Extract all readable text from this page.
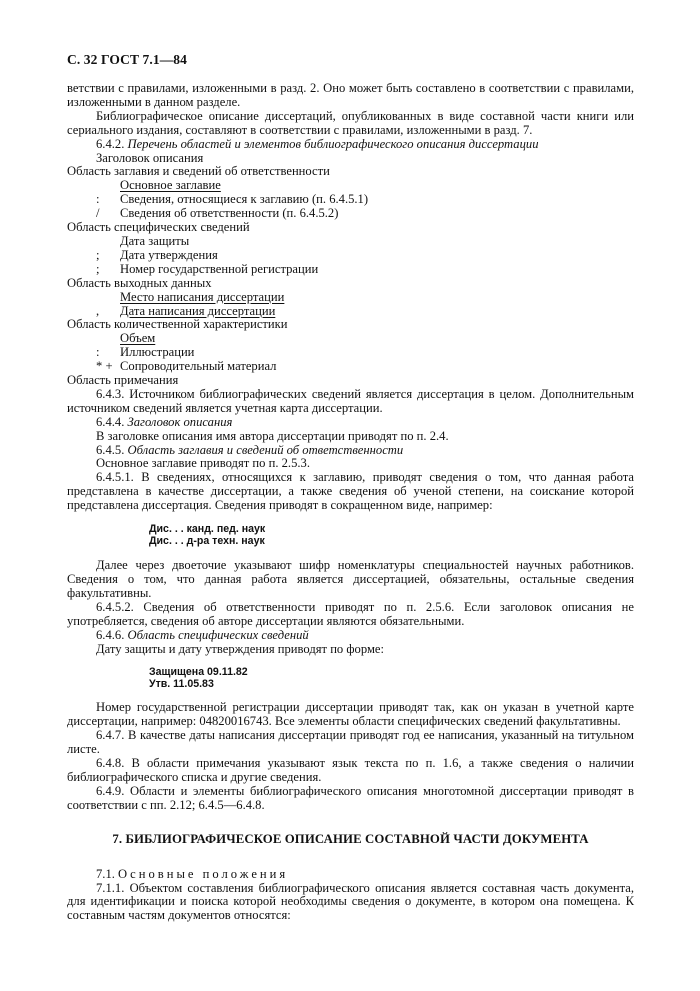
С. 32 ГОСТ 7.1—84

ветствии с правилами, изложенными в разд. 2. Оно может быть составлено в соответствии с правилами, изложенными в данном разделе.

Библиографическое описание диссертаций, опубликованных в виде составной части книги или сериального издания, составляют в соответствии с правилами, изложенными в разд. 7.

6.4.2. Перечень областей и элементов библиографического описания диссертации

Заголовок описания

Область заглавия и сведений об ответственности

Основное заглавие

:	Сведения, относящиеся к заглавию (п. 6.4.5.1)
/	Сведения об ответственности (п. 6.4.5.2)

Область специфических сведений

Дата защиты

;	Дата утверждения
;	Номер государственной регистрации

Область выходных данных

Место написания диссертации

,	Дата написания диссертации

Область количественной характеристики

Объем

:	Иллюстрации
* + Сопроводительный материал

Область примечания

6.4.3. Источником библиографических сведений является диссертация в целом. Дополнительным источником сведений является учетная карта диссертации.

6.4.4. Заголовок описания

В заголовке описания имя автора диссертации приводят по п. 2.4.

6.4.5. Область заглавия и сведений об ответственности

Основное заглавие приводят по п. 2.5.3.

6.4.5.1. В сведениях, относящихся к заглавию, приводят сведения о том, что данная работа представлена в качестве диссертации, а также сведения об ученой степени, на соискание которой представлена диссертация. Сведения приводят в сокращенном виде, например:

Дис. . . канд. пед. наук
Дис. . . д-ра техн. наук

Далее через двоеточие указывают шифр номенклатуры специальностей научных работников. Сведения о том, что данная работа является диссертацией, обязательны, остальные сведения факультативны.

6.4.5.2. Сведения об ответственности приводят по п. 2.5.6. Если заголовок описания не употребляется, сведения об авторе диссертации являются обязательными.

6.4.6. Область специфических сведений

Дату защиты и дату утверждения приводят по форме:

Защищена 09.11.82
Утв. 11.05.83

Номер государственной регистрации диссертации приводят так, как он указан в учетной карте диссертации, например: 04820016743. Все элементы области специфических сведений факультативны.

6.4.7. В качестве даты написания диссертации приводят год ее написания, указанный на титульном листе.

6.4.8. В области примечания указывают язык текста по п. 1.6, а также сведения о наличии библиографического списка и другие сведения.

6.4.9. Области и элементы библиографического описания многотомной диссертации приводят в соответствии с пп. 2.12; 6.4.5—6.4.8.

7. БИБЛИОГРАФИЧЕСКОЕ ОПИСАНИЕ СОСТАВНОЙ ЧАСТИ ДОКУМЕНТА

7.1. Основные положения

7.1.1. Объектом составления библиографического описания является составная часть документа, для идентификации и поиска которой необходимы сведения о документе, в котором она помещена. К составным частям документов относятся:
